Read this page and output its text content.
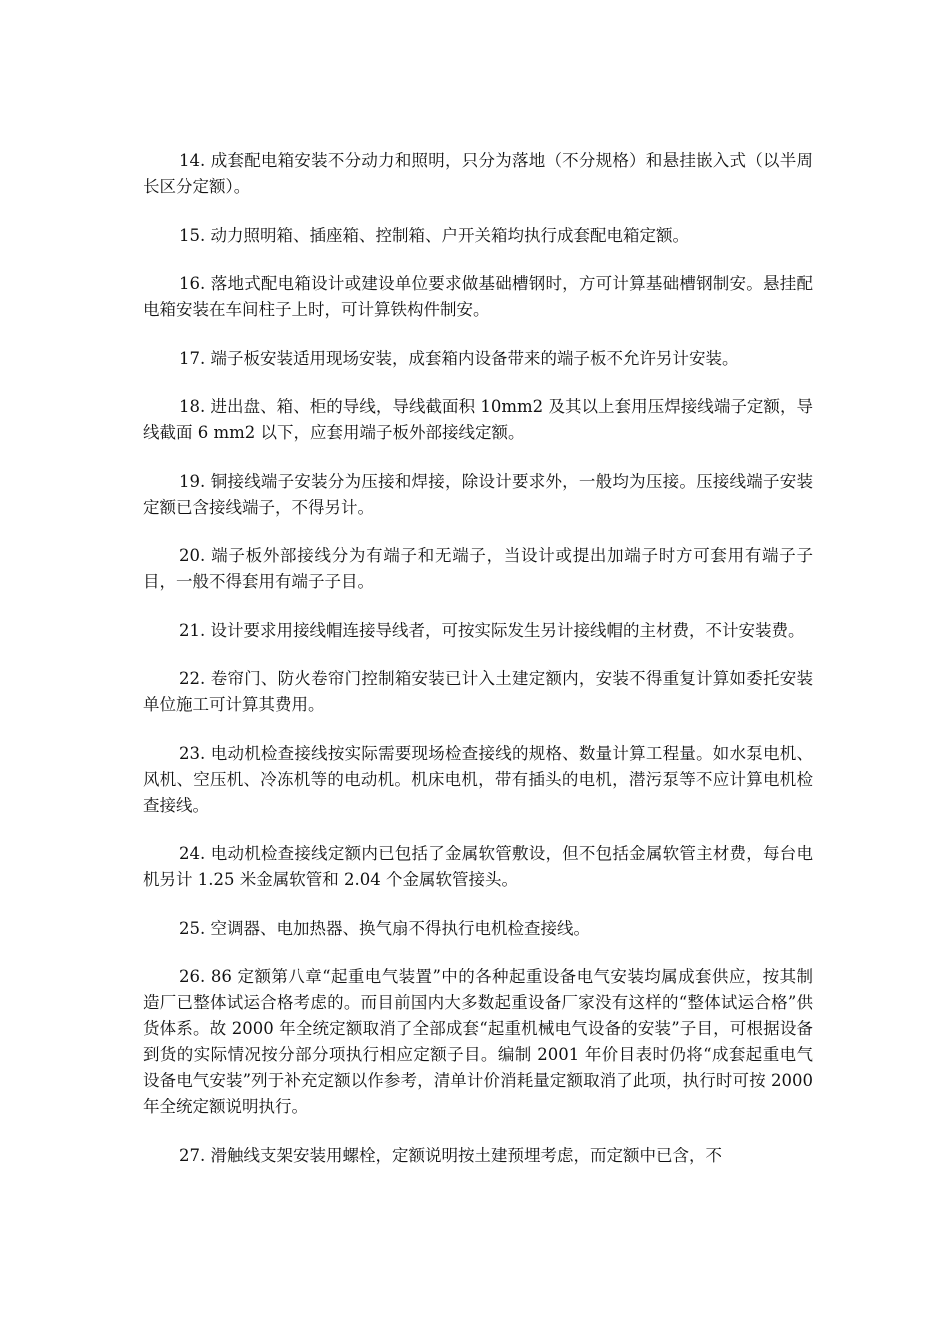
14. 成套配电箱安装不分动力和照明，只分为落地（不分规格）和悬挂嵌入式（以半周长区分定额）。

15. 动力照明箱、插座箱、控制箱、户开关箱均执行成套配电箱定额。

16. 落地式配电箱设计或建设单位要求做基础槽钢时，方可计算基础槽钢制安。悬挂配电箱安装在车间柱子上时，可计算铁构件制安。

17. 端子板安装适用现场安装，成套箱内设备带来的端子板不允许另计安装。

18. 进出盘、箱、柜的导线，导线截面积 10mm2 及其以上套用压焊接线端子定额，导线截面 6 mm2 以下，应套用端子板外部接线定额。

19. 铜接线端子安装分为压接和焊接，除设计要求外，一般均为压接。压接线端子安装定额已含接线端子，不得另计。

20. 端子板外部接线分为有端子和无端子，当设计或提出加端子时方可套用有端子子目，一般不得套用有端子子目。

21. 设计要求用接线帽连接导线者，可按实际发生另计接线帽的主材费，不计安装费。

22. 卷帘门、防火卷帘门控制箱安装已计入土建定额内，安装不得重复计算如委托安装单位施工可计算其费用。

23. 电动机检查接线按实际需要现场检查接线的规格、数量计算工程量。如水泵电机、风机、空压机、冷冻机等的电动机。机床电机，带有插头的电机，潜污泵等不应计算电机检查接线。

24. 电动机检查接线定额内已包括了金属软管敷设，但不包括金属软管主材费，每台电机另计 1.25 米金属软管和 2.04 个金属软管接头。

25. 空调器、电加热器、换气扇不得执行电机检查接线。

26. 86 定额第八章“起重电气装置”中的各种起重设备电气安装均属成套供应，按其制造厂已整体试运合格考虑的。而目前国内大多数起重设备厂家没有这样的“整体试运合格”供货体系。故 2000 年全统定额取消了全部成套“起重机械电气设备的安装”子目，可根据设备到货的实际情况按分部分项执行相应定额子目。编制 2001 年价目表时仍将“成套起重电气设备电气安装”列于补充定额以作参考，清单计价消耗量定额取消了此项，执行时可按 2000 年全统定额说明执行。

27. 滑触线支架安装用螺栓，定额说明按土建预埋考虑，而定额中已含，不
